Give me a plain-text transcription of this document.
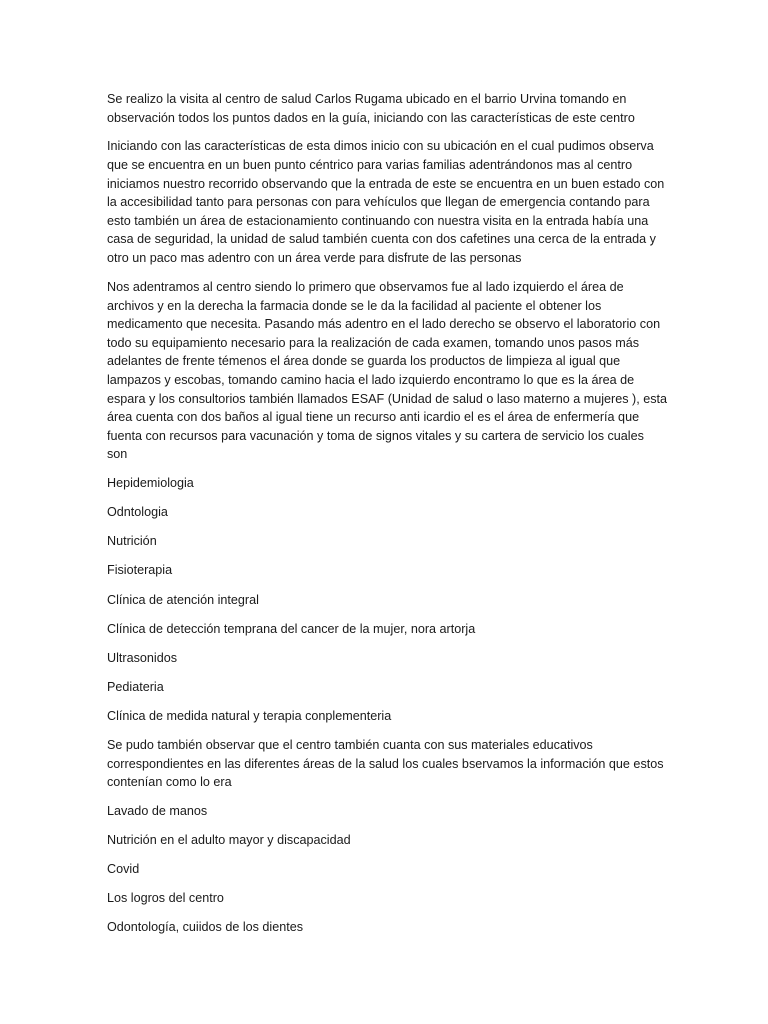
Se realizo la visita al centro de salud Carlos Rugama ubicado en el barrio Urvina tomando en observación todos los puntos dados en la guía, iniciando con las características de este centro

Iniciando con las características de esta dimos inicio con su ubicación en el cual pudimos observa que se encuentra en un buen punto céntrico para varias familias adentrándonos mas al centro iniciamos nuestro recorrido observando que la entrada de este se encuentra en un buen estado con la accesibilidad tanto para personas con para vehículos que llegan de emergencia contando para esto también un área de estacionamiento continuando con nuestra visita en la entrada había una casa de seguridad, la unidad de salud también cuenta con dos cafetines una cerca de la entrada y otro un paco mas adentro con un área verde para disfrute de las personas

Nos adentramos al centro siendo lo primero que observamos fue al lado izquierdo el área de archivos y en la derecha la farmacia donde se le da la facilidad al paciente el obtener los medicamento que necesita. Pasando más adentro en el lado derecho se observo el laboratorio con todo su equipamiento necesario para la realización de cada examen, tomando unos pasos más adelantes de frente témenos el área donde se guarda los productos de limpieza al igual que lampazos y escobas, tomando camino hacia el lado izquierdo encontramo lo que es la área de espara y los consultorios también llamados ESAF (Unidad de salud o laso materno a mujeres ), esta área cuenta con dos baños al igual tiene un recurso anti icardio el es el área de enfermería que fuenta con recursos para vacunación y toma de signos vitales y su cartera de servicio los cuales son

Hepidemiologia

Odntologia

Nutrición

Fisioterapia

Clínica de atención integral

Clínica de detección temprana del cancer de la mujer, nora artorja

Ultrasonidos

Pediateria

Clínica de medida natural y terapia conplementeria

Se pudo también observar que el centro también cuanta con sus materiales educativos correspondientes en las diferentes áreas de la salud los cuales bservamos la información que estos contenían como lo era

Lavado de manos

Nutrición en el adulto mayor y discapacidad

Covid

Los logros del centro

Odontología, cuiidos de los dientes
